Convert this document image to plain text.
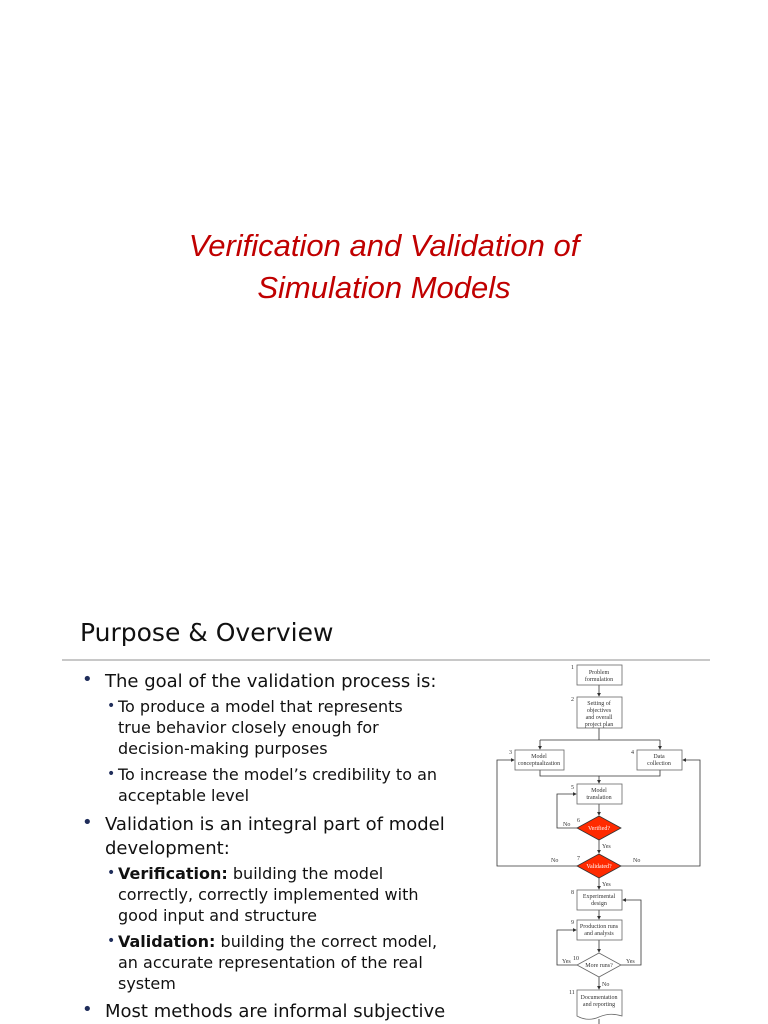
Verification and Validation of
Simulation Models
Purpose & Overview
• The goal of the validation process is:
• To produce a model that represents
true behavior closely enough for
decision-making purposes
• To increase the model’s credibility to an
acceptable level
• Validation is an integral part of model
development:
• Verification: building the model
correctly, correctly implemented with
good input and structure
• Validation: building the correct model,
an accurate representation of the real
system
• Most methods are informal subjective
Problem
formulation
Setting of
objectives
and overall
project plan
Model
conceptualization
Data
collection
Model
translation
Verified?
Validated?
Experimental
design
Production runs
and analysis
More runs?
Documentation
and reporting
1
2
3	4
5
6
7
8
9
10
11
No
Yes
No	No
Yes
Yes	Yes
No
